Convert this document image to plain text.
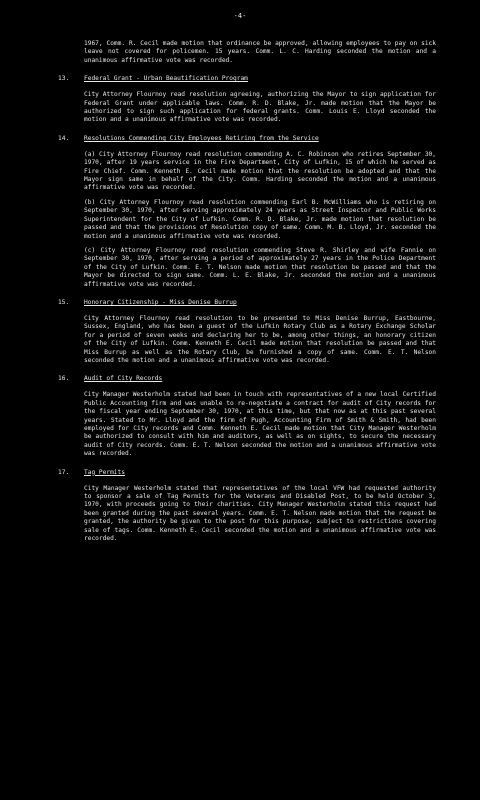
-4-
1967, Comm. R. Cecil made motion that ordinance be approved, allowing employees to pay on sick leave not covered for policemen. 15 years. Comm. L. C. Harding seconded the motion and a unanimous affirmative vote was recorded.
13. Federal Grant - Urban Beautification Program
City Attorney Flournoy read resolution agreeing, authorizing the Mayor to sign application for Federal Grant under applicable laws. Comm. R. D. Blake, Jr. made motion that the Mayor be authorized to sign such application for federal grants. Comm. Louis E. Lloyd seconded the motion and a unanimous affirmative vote was recorded.
14. Resolutions Commending City Employees Retiring from the Service
(a) City Attorney Flournoy read resolution commending A. C. Robinson who retires September 30, 1970, after 19 years service in the Fire Department, City of Lufkin, 15 of which he served as Fire Chief. Comm. Kenneth E. Cecil made motion that the resolution be adopted and that the Mayor sign same in behalf of the City. Comm. Harding seconded the motion and a unanimous affirmative vote was recorded.
(b) City Attorney Flournoy read resolution commending Earl B. McWilliams who is retiring on September 30, 1970, after serving approximately 24 years as Street Inspector and Public Works Superintendent for the City of Lufkin. Comm. R. D. Blake, Jr. made motion that resolution be passed and that the provisions of Resolution copy of same. Comm. M. B. Lloyd, Jr. seconded the motion and a unanimous affirmative vote was recorded.
(c) City Attorney Flournoy read resolution commending Steve R. Shirley and wife Fannie on September 30, 1970, after serving a period of approximately 27 years in the Police Department of the City of Lufkin. Comm. E. T. Nelson made motion that resolution be passed and that the Mayor be directed to sign same. Comm. L. E. Blake, Jr. seconded the motion and a unanimous affirmative vote was recorded.
15. Honorary Citizenship - Miss Denise Burrup
City Attorney Flournoy read resolution to be presented to Miss Denise Burrup, Eastbourne, Sussex, England, who has been a guest of the Lufkin Rotary Club as a Rotary Exchange Scholar for a period of seven weeks and declaring her to be, among other things, an honorary citizen of the City of Lufkin. Comm. Kenneth E. Cecil made motion that resolution be passed and that Miss Burrup as well as the Rotary Club, be furnished a copy of same. Comm. E. T. Nelson seconded the motion and a unanimous affirmative vote was recorded.
16. Audit of City Records
City Manager Westerholm stated had been in touch with representatives of a new local Certified Public Accounting firm and was unable to re-negotiate a contract for audit of City records for the fiscal year ending September 30, 1970, at this time, but that now as at this past several years. Stated to Mr. Lloyd and the firm of Pugh, Accounting Firm of Smith & Smith, had been employed for City records and Comm. Kenneth E. Cecil made motion that City Manager Westerholm be authorized to consult with him and auditors, as well as on sights, to secure the necessary audit of City records. Comm. E. T. Nelson seconded the motion and a unanimous affirmative vote was recorded.
17. Tag Permits
City Manager Westerholm stated that representatives of the local VFW had requested authority to sponsor a sale of Tag Permits for the Veterans and Disabled Post, to be held October 3, 1970, with proceeds going to their charities. City Manager Westerholm stated this request had been granted during the past several years. Comm. E. T. Nelson made motion that the request be granted, the authority be given to the post for this purpose, subject to restrictions covering sale of tags. Comm. Kenneth E. Cecil seconded the motion and a unanimous affirmative vote was recorded.
